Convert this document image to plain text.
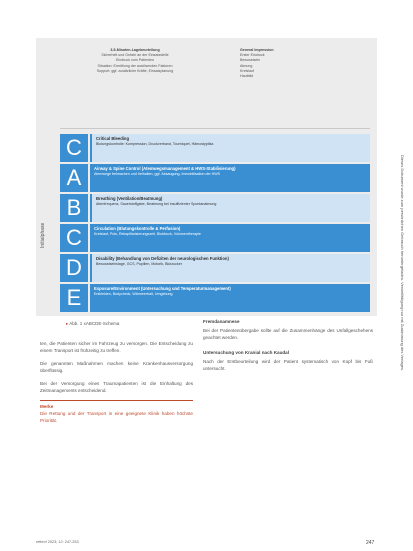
3-5-Minuten-Lagebeurteilung
Sicherheit und Gefahr an der Einsatzstelle
Eindruck vom Patienten
Situation: Ermittlung der auslösenden Faktoren
Support: ggf. zusätzliche Kräfte, Einsatzplanung
General Impression
Erster Eindruck
Bewusstsein
Atmung
Kreislauf
Hautbild
Initialphase
C	Critical Bleeding
Blutungskontrolle: Kompression, Druckverband, Tourniquet, Hämostyptika
A	Airway & Spine Control (Atemwegsmanagement & HWS-Stabilisierung)
Atemwege freimachen und freihalten, ggf. Absaugung, Immobilisation der HWS
B	Breathing (Ventilation/Beatmung)
Atemfrequenz, Sauerstoffgabe, Beatmung bei insuffizienter Spontanatmung
C	Circulation (Blutungskontrolle & Perfusion)
Kreislauf, Puls, Rekapillarisierungszeit, Blutdruck, Volumentherapie
D	Disability (Behandlung von Defiziten der neurologischen Funktion)
Bewusstseinslage, GCS, Pupillen, Motorik, Blutzucker
E	Exposure/Environment (Untersuchung und Temperaturmanagement)
Entkleiden, Bodycheck, Wärmeerhalt, Umgebung
▸ Abb. 1 xABCDE-Schema

ten, die Patienten sicher im Fahrzeug zu versorgen. Die Entscheidung zu einem Transport ist frühzeitig zu treffen.

Die genannten Maßnahmen machen keine Krankenhausversorgung überflüssig.

Bei der Versorgung eines Traumapatienten ist die Einhaltung des Zeitmanagements entscheidend.

Merke
Die Rettung und der Transport in eine geeignete Klinik haben höchste Priorität.
Fremdanamnese

Bei der Patientenübergabe sollte auf die Zusammenhänge des Unfallgeschehens geachtet werden.

Untersuchung von Kranial nach Kaudal

Nach der Erstbeurteilung wird der Patient systematisch von Kopf bis Fuß untersucht.	Dieses Dokument wurde zum persönlichen Gebrauch heruntergeladen. Vervielfältigung nur mit Zustimmung des Verlages.
retten! 2023; 12: 247-253	247
